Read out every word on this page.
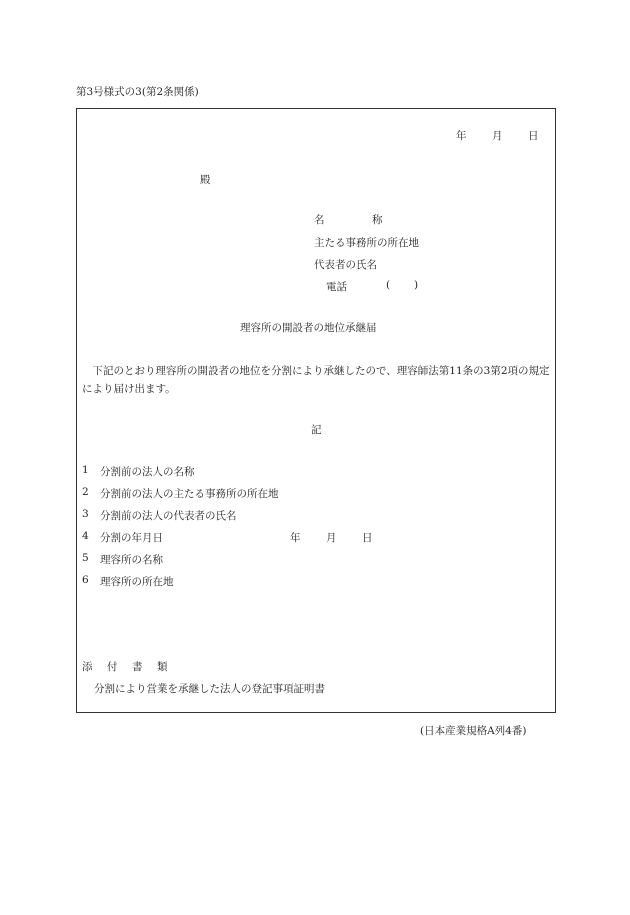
第3号様式の3(第2条関係)
年 月 日
殿
名	称
主たる事務所の所在地
代表者の氏名
電話	( )
理容所の開設者の地位承継届
下記のとおり理容所の開設者の地位を分割により承継したので、理容師法第11条の3第2項の規定により届け出ます。
記
1 分割前の法人の名称
2 分割前の法人の主たる事務所の所在地
3 分割前の法人の代表者の氏名
4 分割の年月日	年 月 日
5 理容所の名称
6 理容所の所在地
添 付 書 類
分割により営業を承継した法人の登記事項証明書
(日本産業規格A列4番)
